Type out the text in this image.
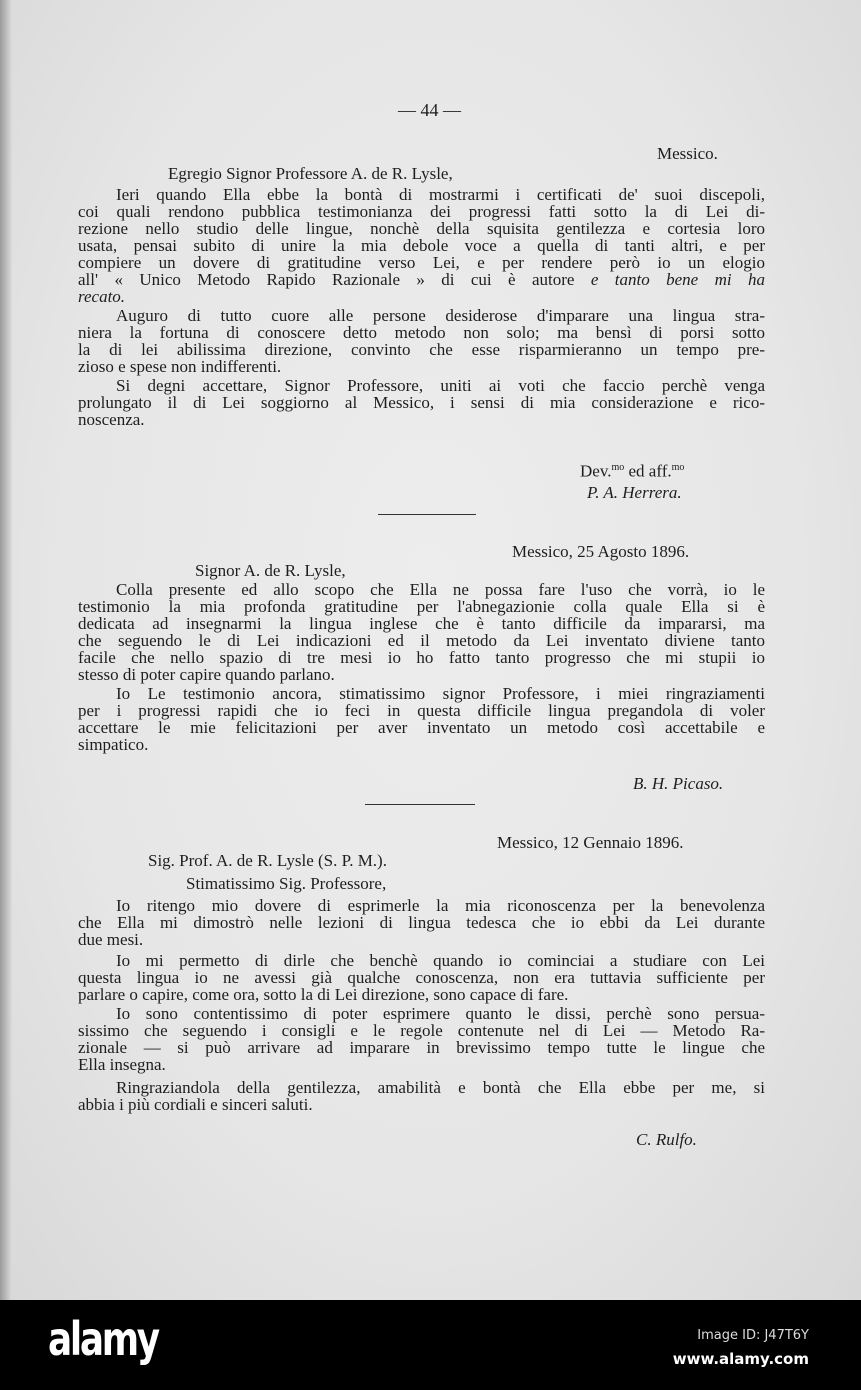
— 44 —
Messico.
Egregio Signor Professore A. de R. Lysle,
Ieri quando Ella ebbe la bontà di mostrarmi i certificati de' suoi discepoli,
coi quali rendono pubblica testimonianza dei progressi fatti sotto la di Lei di-
rezione nello studio delle lingue, nonchè della squisita gentilezza e cortesia loro
usata, pensai subito di unire la mia debole voce a quella di tanti altri, e per
compiere un dovere di gratitudine verso Lei, e per rendere però io un elogio
all' « Unico Metodo Rapido Razionale » di cui è autore e tanto bene mi ha
recato.
Auguro di tutto cuore alle persone desiderose d'imparare una lingua stra-
niera la fortuna di conoscere detto metodo non solo; ma bensì di porsi sotto
la di lei abilissima direzione, convinto che esse risparmieranno un tempo pre-
zioso e spese non indifferenti.
Si degni accettare, Signor Professore, uniti ai voti che faccio perchè venga
prolungato il di Lei soggiorno al Messico, i sensi di mia considerazione e rico-
noscenza.
Dev.$^{mo}$ ed aff.$^{mo}$
P. A. Herrera.
Messico, 25 Agosto 1896.
Signor A. de R. Lysle,
Colla presente ed allo scopo che Ella ne possa fare l'uso che vorrà, io le
testimonio la mia profonda gratitudine per l'abnegazionie colla quale Ella si è
dedicata ad insegnarmi la lingua inglese che è tanto difficile da impararsi, ma
che seguendo le di Lei indicazioni ed il metodo da Lei inventato diviene tanto
facile che nello spazio di tre mesi io ho fatto tanto progresso che mi stupii io
stesso di poter capire quando parlano.
Io Le testimonio ancora, stimatissimo signor Professore, i miei ringraziamenti
per i progressi rapidi che io feci in questa difficile lingua pregandola di voler
accettare le mie felicitazioni per aver inventato un metodo così accettabile e
simpatico.
B. H. Picaso.
Messico, 12 Gennaio 1896.
Sig. Prof. A. de R. Lysle (S. P. M.).
Stimatissimo Sig. Professore,
Io ritengo mio dovere di esprimerle la mia riconoscenza per la benevolenza
che Ella mi dimostrò nelle lezioni di lingua tedesca che io ebbi da Lei durante
due mesi.
Io mi permetto di dirle che benchè quando io cominciai a studiare con Lei
questa lingua io ne avessi già qualche conoscenza, non era tuttavia sufficiente per
parlare o capire, come ora, sotto la di Lei direzione, sono capace di fare.
Io sono contentissimo di poter esprimere quanto le dissi, perchè sono persua-
sissimo che seguendo i consigli e le regole contenute nel di Lei — Metodo Ra-
zionale — si può arrivare ad imparare in brevissimo tempo tutte le lingue che
Ella insegna.
Ringraziandola della gentilezza, amabilità e bontà che Ella ebbe per me, si
abbia i più cordiali e sinceri saluti.
C. Rulfo.
alamy	Image ID: J47T6Y
www.alamy.com
